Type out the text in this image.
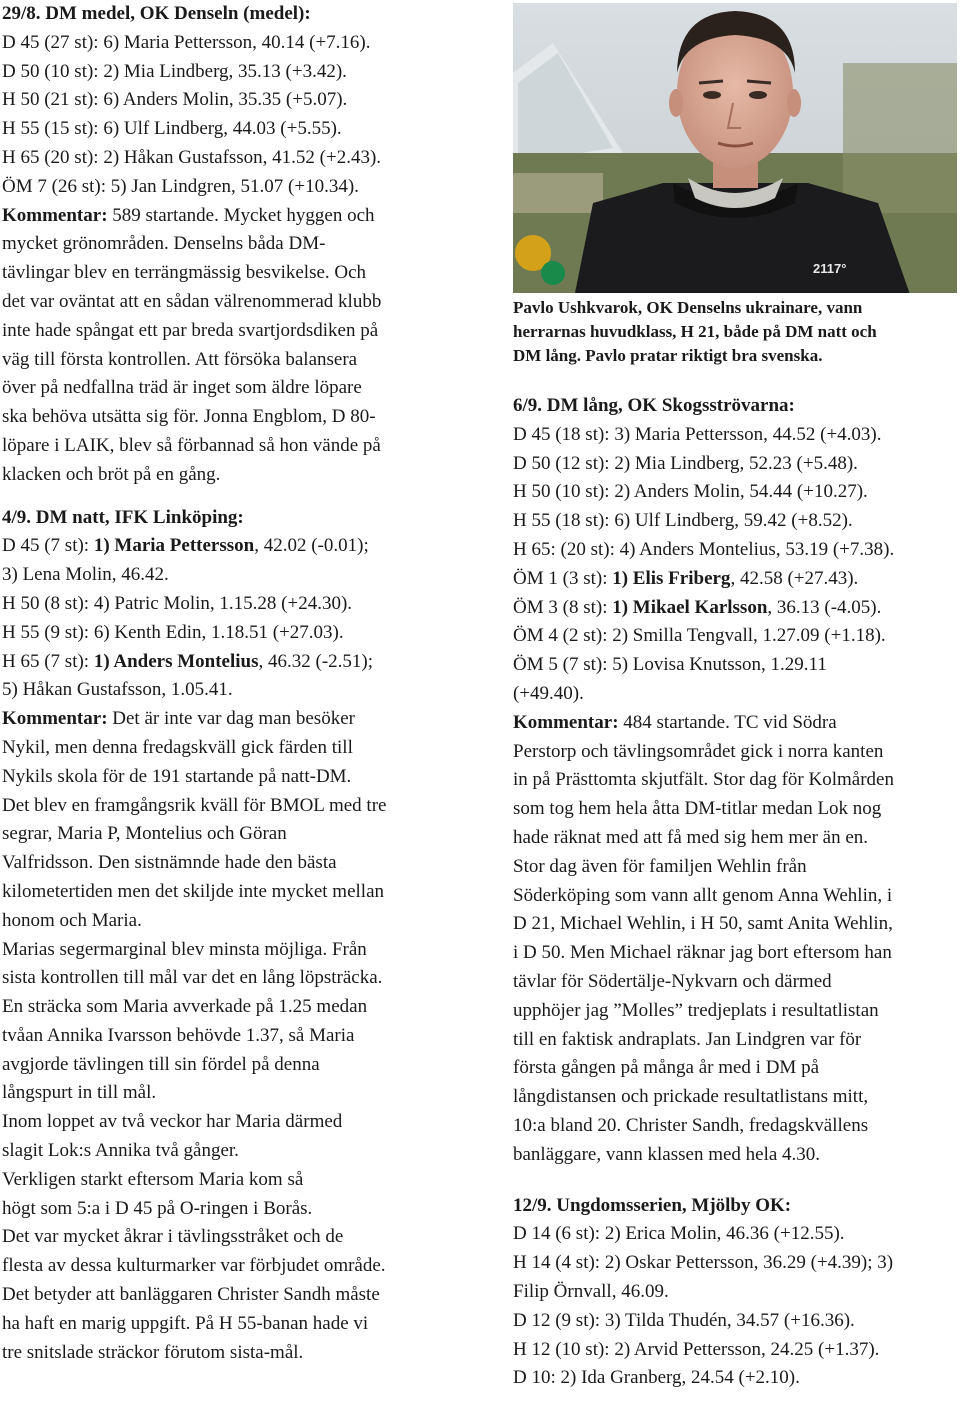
29/8. DM medel, OK Denseln (medel):
D 45 (27 st): 6) Maria Pettersson, 40.14 (+7.16).
D 50 (10 st): 2) Mia Lindberg, 35.13 (+3.42).
H 50 (21 st): 6) Anders Molin, 35.35 (+5.07).
H 55 (15 st): 6) Ulf Lindberg, 44.03 (+5.55).
H 65 (20 st): 2) Håkan Gustafsson, 41.52 (+2.43).
ÖM 7 (26 st): 5) Jan Lindgren, 51.07 (+10.34).
Kommentar: 589 startande. Mycket hyggen och
mycket grönområden. Denselns båda DM-
tävlingar blev en terrängmässig besvikelse. Och
det var oväntat att en sådan välrenommerad klubb
inte hade spångat ett par breda svartjordsdiken på
väg till första kontrollen. Att försöka balansera
över på nedfallna träd är inget som äldre löpare
ska behöva utsätta sig för. Jonna Engblom, D 80-
löpare i LAIK, blev så förbannad så hon vände på
klacken och bröt på en gång.
4/9. DM natt, IFK Linköping:
D 45 (7 st): 1) Maria Pettersson, 42.02 (-0.01);
3) Lena Molin, 46.42.
H 50 (8 st): 4) Patric Molin, 1.15.28 (+24.30).
H 55 (9 st): 6) Kenth Edin, 1.18.51 (+27.03).
H 65 (7 st): 1) Anders Montelius, 46.32 (-2.51);
5) Håkan Gustafsson, 1.05.41.
Kommentar: Det är inte var dag man besöker
Nykil, men denna fredagskväll gick färden till
Nykils skola för de 191 startande på natt-DM.
Det blev en framgångsrik kväll för BMOL med tre
segrar, Maria P, Montelius och Göran
Valfridsson. Den sistnämnde hade den bästa
kilometertiden men det skiljde inte mycket mellan
honom och Maria.
Marias segermarginal blev minsta möjliga. Från
sista kontrollen till mål var det en lång löpsträcka.
En sträcka som Maria avverkade på 1.25 medan
tvåan Annika Ivarsson behövde 1.37, så Maria
avgjorde tävlingen till sin fördel på denna
långspurt in till mål.
Inom loppet av två veckor har Maria därmed
slagit Lok:s Annika två gånger.
Verkligen starkt eftersom Maria kom så
högt som 5:a i D 45 på O-ringen i Borås.
Det var mycket åkrar i tävlingsstråket och de
flesta av dessa kulturmarker var förbjudet område.
Det betyder att banläggaren Christer Sandh måste
ha haft en marig uppgift. På H 55-banan hade vi
tre snitslade sträckor förutom sista-mål.
2117°
Pavlo Ushkvarok, OK Denselns ukrainare, vann
herrarnas huvudklass, H 21, både på DM natt och
DM lång. Pavlo pratar riktigt bra svenska.
6/9. DM lång, OK Skogsströvarna:
D 45 (18 st): 3) Maria Pettersson, 44.52 (+4.03).
D 50 (12 st): 2) Mia Lindberg, 52.23 (+5.48).
H 50 (10 st): 2) Anders Molin, 54.44 (+10.27).
H 55 (18 st): 6) Ulf Lindberg, 59.42 (+8.52).
H 65: (20 st): 4) Anders Montelius, 53.19 (+7.38).
ÖM 1 (3 st): 1) Elis Friberg, 42.58 (+27.43).
ÖM 3 (8 st): 1) Mikael Karlsson, 36.13 (-4.05).
ÖM 4 (2 st): 2) Smilla Tengvall, 1.27.09 (+1.18).
ÖM 5 (7 st): 5) Lovisa Knutsson, 1.29.11
(+49.40).
Kommentar: 484 startande. TC vid Södra
Perstorp och tävlingsområdet gick i norra kanten
in på Prästtomta skjutfält. Stor dag för Kolmården
som tog hem hela åtta DM-titlar medan Lok nog
hade räknat med att få med sig hem mer än en.
Stor dag även för familjen Wehlin från
Söderköping som vann allt genom Anna Wehlin, i
D 21, Michael Wehlin, i H 50, samt Anita Wehlin,
i D 50. Men Michael räknar jag bort eftersom han
tävlar för Södertälje-Nykvarn och därmed
upphöjer jag ”Molles” tredjeplats i resultatlistan
till en faktisk andraplats. Jan Lindgren var för
första gången på många år med i DM på
långdistansen och prickade resultatlistans mitt,
10:a bland 20. Christer Sandh, fredagskvällens
banläggare, vann klassen med hela 4.30.
12/9. Ungdomsserien, Mjölby OK:
D 14 (6 st): 2) Erica Molin, 46.36 (+12.55).
H 14 (4 st): 2) Oskar Pettersson, 36.29 (+4.39); 3)
Filip Örnvall, 46.09.
D 12 (9 st): 3) Tilda Thudén, 34.57 (+16.36).
H 12 (10 st): 2) Arvid Pettersson, 24.25 (+1.37).
D 10: 2) Ida Granberg, 24.54 (+2.10).
